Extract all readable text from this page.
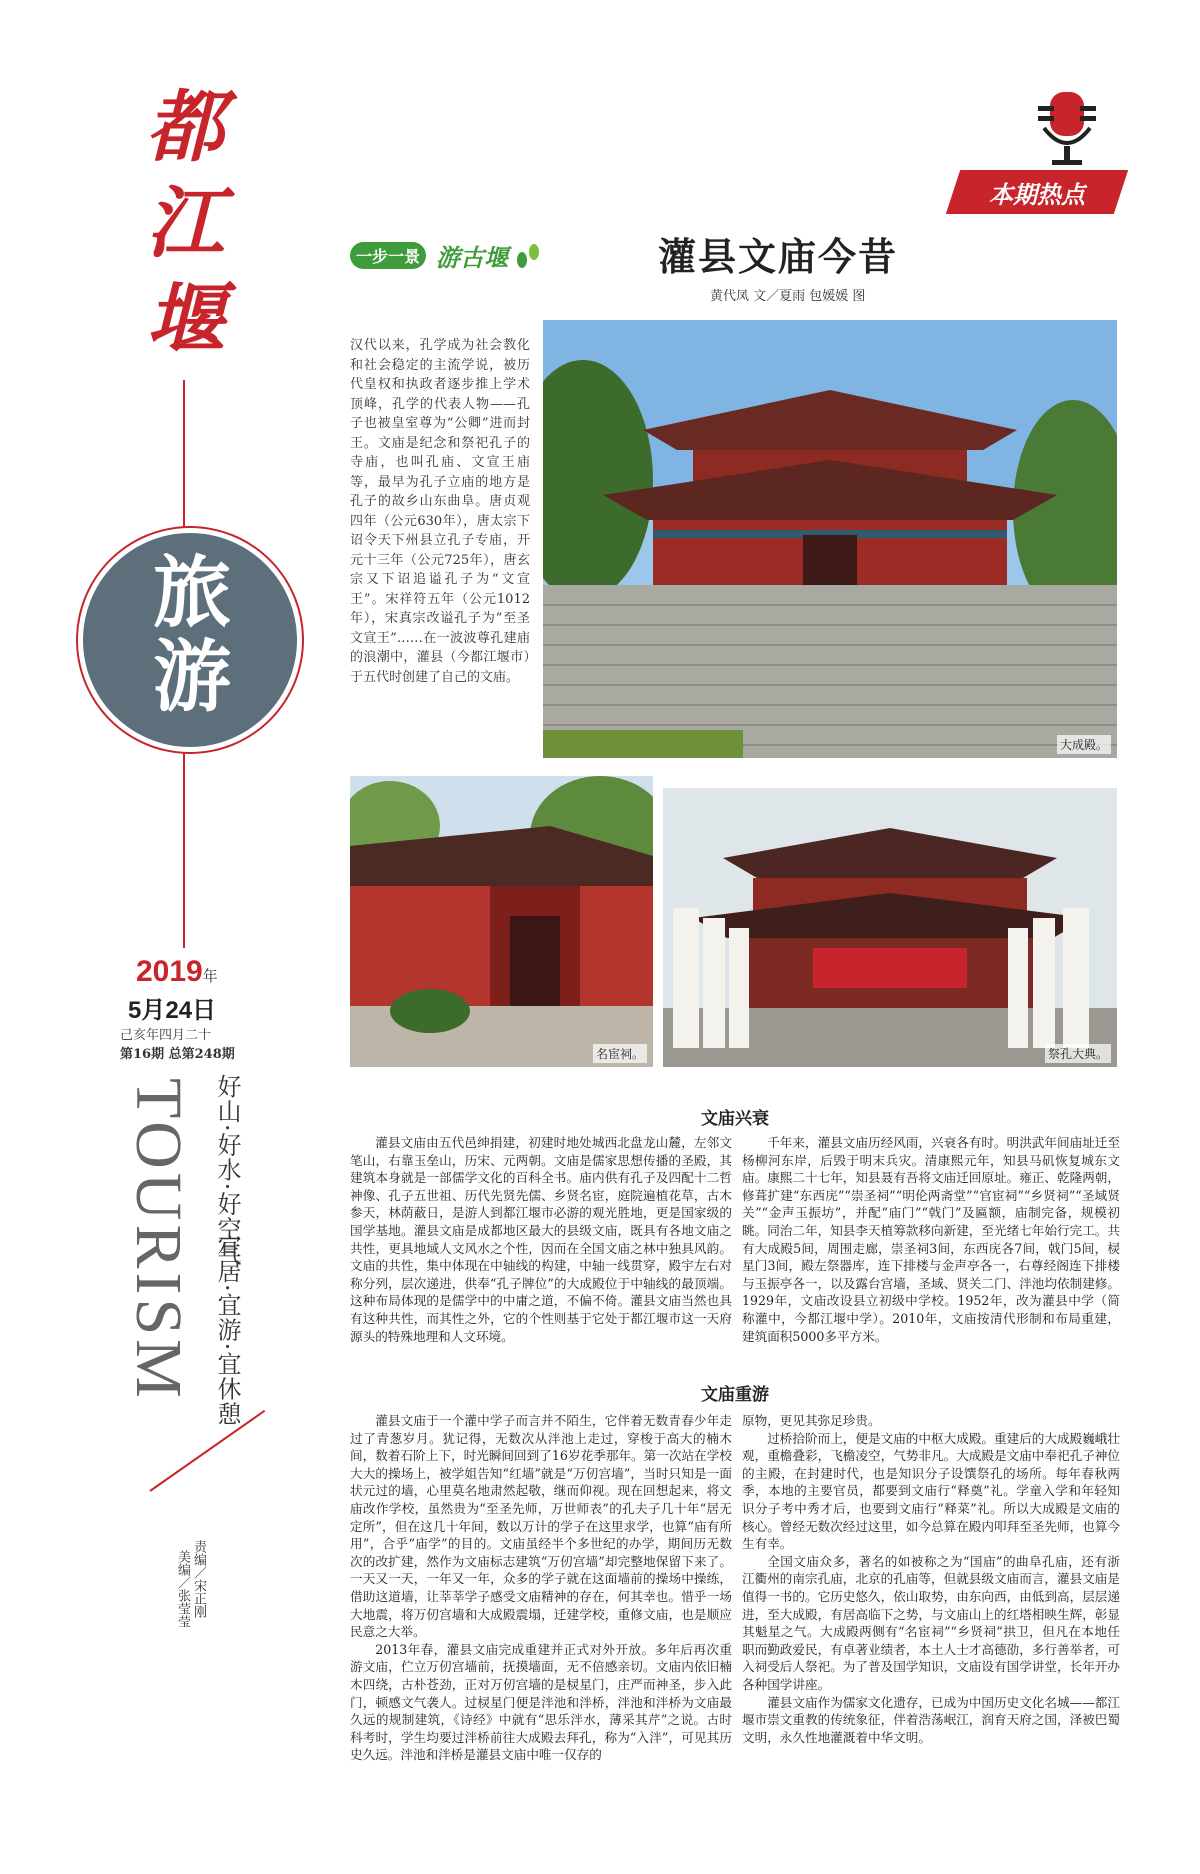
都
江
堰
旅游
2019年
5月24日
己亥年四月二十
第16期 总第248期
TOURISM 好山·好水·好空气
宜居·宜游·宜休憩
责编／宋正刚
美编／张莹莹
本期热点
一步一景 游古堰	灌县文庙今昔
黄代凤 文／夏雨 包媛媛 图
汉代以来，孔学成为社会教化和社会稳定的主流学说，被历代皇权和执政者逐步推上学术顶峰，孔学的代表人物——孔子也被皇室尊为“公卿”进而封王。文庙是纪念和祭祀孔子的寺庙，也叫孔庙、文宣王庙等，最早为孔子立庙的地方是孔子的故乡山东曲阜。唐贞观四年（公元630年），唐太宗下诏令天下州县立孔子专庙，开元十三年（公元725年），唐玄宗又下诏追谥孔子为“文宣王”。宋祥符五年（公元1012年），宋真宗改谥孔子为“至圣文宣王”……在一波波尊孔建庙的浪潮中，灌县（今都江堰市）于五代时创建了自己的文庙。
大成殿。
名宦祠。	祭孔大典。
文庙兴衰
灌县文庙由五代邑绅捐建，初建时地处城西北盘龙山麓，左邻文笔山，右靠玉垒山，历宋、元两朝。文庙是儒家思想传播的圣殿，其建筑本身就是一部儒学文化的百科全书。庙内供有孔子及四配十二哲神像、孔子五世祖、历代先贤先儒、乡贤名宦，庭院遍植花草，古木参天，林荫蔽日，是游人到都江堰市必游的观光胜地，更是国家级的国学基地。灌县文庙是成都地区最大的县级文庙，既具有各地文庙之共性，更具地域人文风水之个性，因而在全国文庙之林中独具风韵。文庙的共性，集中体现在中轴线的构建，中轴一线贯穿，殿宇左右对称分列，层次递进，供奉“孔子牌位”的大成殿位于中轴线的最顶端。这种布局体现的是儒学中的中庸之道，不偏不倚。灌县文庙当然也具有这种共性，而其性之外，它的个性则基于它处于都江堰市这一天府源头的特殊地理和人文环境。
千年来，灌县文庙历经风雨，兴衰各有时。明洪武年间庙址迁至杨柳河东岸，后毁于明末兵灾。清康熙元年，知县马矶恢复城东文庙。康熙二十七年，知县聂有吾将文庙迁回原址。雍正、乾隆两朝，修葺扩建“东西庑”“崇圣祠”“明伦两斋堂”“官宦祠”“乡贤祠”“圣域贤关”“金声玉振坊”，并配“庙门”“戟门”及匾额，庙制完备，规模初眺。同治二年，知县李天植筹款移向新建，至光绪七年始行完工。共有大成殿5间，周围走廊，崇圣祠3间，东西庑各7间，戟门5间，棂星门3间，殿左祭器库，连下排楼与金声亭各一，右尊经阁连下排楼与玉振亭各一，以及露台宫墙，圣域、贤关二门、泮池均依制建修。1929年，文庙改设县立初级中学校。1952年，改为灌县中学（简称灌中，今都江堰中学）。2010年，文庙按清代形制和布局重建，建筑面积5000多平方米。
文庙重游
灌县文庙于一个灌中学子而言并不陌生，它伴着无数青春少年走过了青葱岁月。犹记得，无数次从泮池上走过，穿梭于高大的楠木间，数着石阶上下，时光瞬间回到了16岁花季那年。第一次站在学校大大的操场上，被学姐告知“红墙”就是“万仞宫墙”，当时只知是一面状元过的墙，心里莫名地肃然起敬，继而仰视。现在回想起来，将文庙改作学校，虽然贵为“至圣先师，万世师表”的孔夫子几十年“居无定所”，但在这几十年间，数以万计的学子在这里求学，也算“庙有所用”，合乎“庙学”的目的。文庙虽经半个多世纪的办学，期间历无数次的改扩建，然作为文庙标志建筑“万仞宫墙”却完整地保留下来了。一天又一天，一年又一年，众多的学子就在这面墙前的操场中操练，借助这道墙，让莘莘学子感受文庙精神的存在，何其幸也。惜乎一场大地震，将万仞宫墙和大成殿震塌，迁建学校，重修文庙，也是顺应民意之大举。
2013年春，灌县文庙完成重建并正式对外开放。多年后再次重游文庙，伫立万仞宫墙前，抚摸墙面，无不倍感亲切。文庙内依旧楠木四绕，古朴苍劲，正对万仞宫墙的是棂星门，庄严而神圣，步入此门，顿感文气袭人。过棂星门便是泮池和泮桥，泮池和泮桥为文庙最久远的规制建筑，《诗经》中就有“思乐泮水，薄采其芹”之说。古时科考时，学生均要过泮桥前往大成殿去拜孔，称为“入泮”，可见其历史久远。泮池和泮桥是灌县文庙中唯一仅存的
原物，更见其弥足珍贵。
过桥拾阶而上，便是文庙的中枢大成殿。重建后的大成殿巍峨壮观，重檐叠彩，飞檐凌空，气势非凡。大成殿是文庙中奉祀孔子神位的主殿，在封建时代，也是知识分子设馔祭孔的场所。每年春秋两季，本地的主要官员，都要到文庙行“释奠”礼。学童入学和年轻知识分子考中秀才后，也要到文庙行“释菜”礼。所以大成殿是文庙的核心。曾经无数次经过这里，如今总算在殿内叩拜至圣先师，也算今生有幸。
全国文庙众多，著名的如被称之为“国庙”的曲阜孔庙，还有浙江衢州的南宗孔庙，北京的孔庙等，但就县级文庙而言，灌县文庙是值得一书的。它历史悠久，依山取势，由东向西，由低到高，层层递进，至大成殿，有居高临下之势，与文庙山上的红塔相映生辉，彰显其魁星之气。大成殿两侧有“名宦祠”“乡贤祠”拱卫，但凡在本地任职而勤政爱民，有卓著业绩者，本土人士才高德劭，多行善举者，可入祠受后人祭祀。为了普及国学知识，文庙设有国学讲堂，长年开办各种国学讲座。
灌县文庙作为儒家文化遗存，已成为中国历史文化名城——都江堰市崇文重教的传统象征，伴着浩荡岷江，润育天府之国，泽被巴蜀文明，永久性地灌溉着中华文明。
